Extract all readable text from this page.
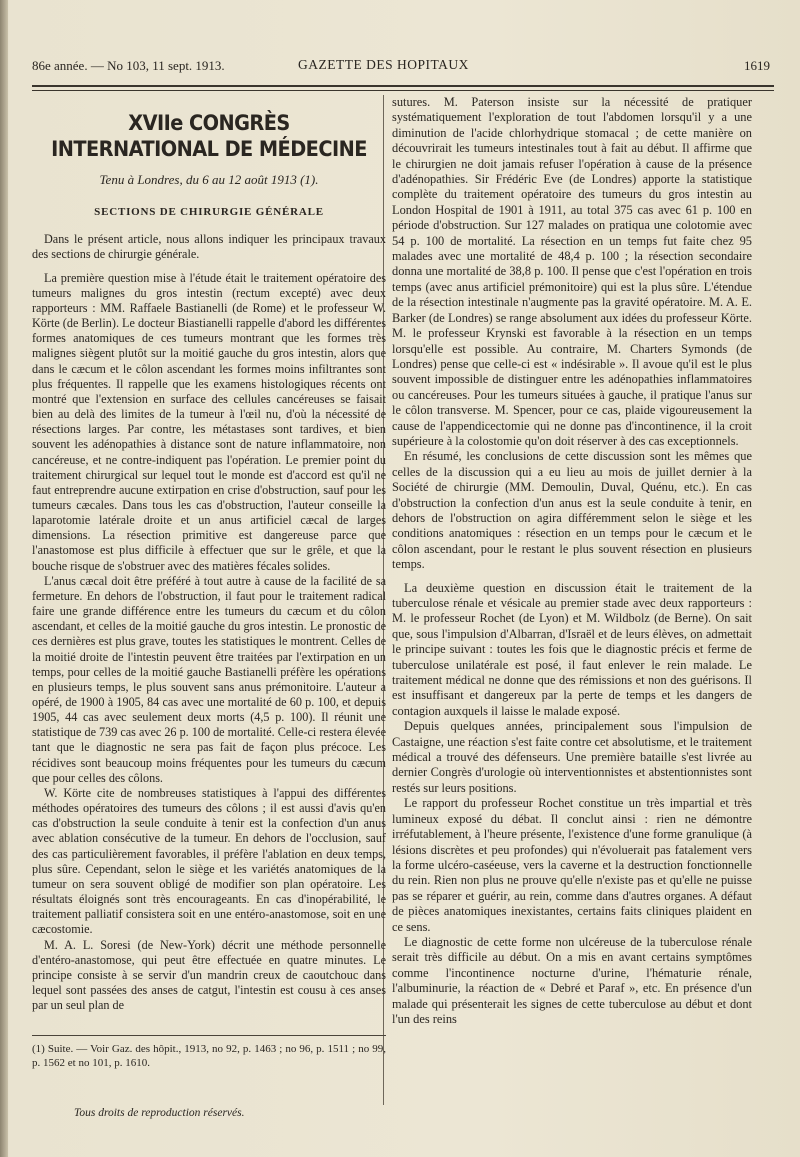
86e année. — No 103, 11 sept. 1913.	GAZETTE DES HOPITAUX	1619
XVIIe CONGRÈS INTERNATIONAL DE MÉDECINE
Tenu à Londres, du 6 au 12 août 1913 (1).
SECTIONS DE CHIRURGIE GÉNÉRALE

Dans le présent article, nous allons indiquer les principaux travaux des sections de chirurgie générale.

La première question mise à l'étude était le traitement opératoire des tumeurs malignes du gros intestin (rectum excepté) avec deux rapporteurs : MM. Raffaele Bastianelli (de Rome) et le professeur W. Körte (de Berlin). Le docteur Biastianelli rappelle d'abord les différentes formes anatomiques de ces tumeurs montrant que les formes très malignes siègent plutôt sur la moitié gauche du gros intestin, alors que dans le cæcum et le côlon ascendant les formes moins infiltrantes sont plus fréquentes. Il rappelle que les examens histologiques récents ont montré que l'extension en surface des cellules cancéreuses se faisait bien au delà des limites de la tumeur à l'œil nu, d'où la nécessité de résections larges. Par contre, les métastases sont tardives, et bien souvent les adénopathies à distance sont de nature inflammatoire, non cancéreuse, et ne contre-indiquent pas l'opération. Le premier point du traitement chirurgical sur lequel tout le monde est d'accord est qu'il ne faut entreprendre aucune extirpation en crise d'obstruction, sauf pour les tumeurs cæcales. Dans tous les cas d'obstruction, l'auteur conseille la laparotomie latérale droite et un anus artificiel cæcal de larges dimensions. La résection primitive est dangereuse parce que l'anastomose est plus difficile à effectuer que sur le grêle, et que la bouche risque de s'obstruer avec des matières fécales solides.

L'anus cæcal doit être préféré à tout autre à cause de la facilité de sa fermeture. En dehors de l'obstruction, il faut pour le traitement radical faire une grande différence entre les tumeurs du cæcum et du côlon ascendant, et celles de la moitié gauche du gros intestin. Le pronostic de ces dernières est plus grave, toutes les statistiques le montrent. Celles de la moitié droite de l'intestin peuvent être traitées par l'extirpation en un temps, pour celles de la moitié gauche Bastianelli préfère les opérations en plusieurs temps, le plus souvent sans anus prémonitoire. L'auteur a opéré, de 1900 à 1905, 84 cas avec une mortalité de 60 p. 100, et depuis 1905, 44 cas avec seulement deux morts (4,5 p. 100). Il réunit une statistique de 739 cas avec 26 p. 100 de mortalité. Celle-ci restera élevée tant que le diagnostic ne sera pas fait de façon plus précoce. Les récidives sont beaucoup moins fréquentes pour les tumeurs du cæcum que pour celles des côlons.

W. Körte cite de nombreuses statistiques à l'appui des différentes méthodes opératoires des tumeurs des côlons ; il est aussi d'avis qu'en cas d'obstruction la seule conduite à tenir est la confection d'un anus avec ablation consécutive de la tumeur. En dehors de l'occlusion, sauf des cas particulièrement favorables, il préfère l'ablation en deux temps, plus sûre. Cependant, selon le siège et les variétés anatomiques de la tumeur on sera souvent obligé de modifier son plan opératoire. Les résultats éloignés sont très encourageants. En cas d'inopérabilité, le traitement palliatif consistera soit en une entéro-anastomose, soit en une cæcostomie.

M. A. L. Soresi (de New-York) décrit une méthode personnelle d'entéro-anastomose, qui peut être effectuée en quatre minutes. Le principe consiste à se servir d'un mandrin creux de caoutchouc dans lequel sont passées des anses de catgut, l'intestin est cousu à ces anses par un seul plan de

sutures. M. Paterson insiste sur la nécessité de pratiquer systématiquement l'exploration de tout l'abdomen lorsqu'il y a une diminution de l'acide chlorhydrique stomacal ; de cette manière on découvrirait les tumeurs intestinales tout à fait au début. Il affirme que le chirurgien ne doit jamais refuser l'opération à cause de la présence d'adénopathies. Sir Frédéric Eve (de Londres) apporte la statistique complète du traitement opératoire des tumeurs du gros intestin au London Hospital de 1901 à 1911, au total 375 cas avec 61 p. 100 en période d'obstruction. Sur 127 malades on pratiqua une colotomie avec 54 p. 100 de mortalité. La résection en un temps fut faite chez 95 malades avec une mortalité de 48,4 p. 100 ; la résection secondaire donna une mortalité de 38,8 p. 100. Il pense que c'est l'opération en trois temps (avec anus artificiel prémonitoire) qui est la plus sûre. L'étendue de la résection intestinale n'augmente pas la gravité opératoire. M. A. E. Barker (de Londres) se range absolument aux idées du professeur Körte. M. le professeur Krynski est favorable à la résection en un temps lorsqu'elle est possible. Au contraire, M. Charters Symonds (de Londres) pense que celle-ci est « indésirable ». Il avoue qu'il est le plus souvent impossible de distinguer entre les adénopathies inflammatoires ou cancéreuses. Pour les tumeurs situées à gauche, il pratique l'anus sur le côlon transverse. M. Spencer, pour ce cas, plaide vigoureusement la cause de l'appendicectomie qui ne donne pas d'incontinence, il la croit supérieure à la colostomie qu'on doit réserver à des cas exceptionnels.

En résumé, les conclusions de cette discussion sont les mêmes que celles de la discussion qui a eu lieu au mois de juillet dernier à la Société de chirurgie (MM. Demoulin, Duval, Quénu, etc.). En cas d'obstruction la confection d'un anus est la seule conduite à tenir, en dehors de l'obstruction on agira différemment selon le siège et les conditions anatomiques : résection en un temps pour le cæcum et le côlon ascendant, pour le restant le plus souvent résection en plusieurs temps.

La deuxième question en discussion était le traitement de la tuberculose rénale et vésicale au premier stade avec deux rapporteurs : M. le professeur Rochet (de Lyon) et M. Wildbolz (de Berne). On sait que, sous l'impulsion d'Albarran, d'Israël et de leurs élèves, on admettait le principe suivant : toutes les fois que le diagnostic précis et ferme de tuberculose unilatérale est posé, il faut enlever le rein malade. Le traitement médical ne donne que des rémissions et non des guérisons. Il est insuffisant et dangereux par la perte de temps et les dangers de contagion auxquels il laisse le malade exposé.

Depuis quelques années, principalement sous l'impulsion de Castaigne, une réaction s'est faite contre cet absolutisme, et le traitement médical a trouvé des défenseurs. Une première bataille s'est livrée au dernier Congrès d'urologie où interventionnistes et abstentionnistes sont restés sur leurs positions.

Le rapport du professeur Rochet constitue un très impartial et très lumineux exposé du débat. Il conclut ainsi : rien ne démontre irréfutablement, à l'heure présente, l'existence d'une forme granulique (à lésions discrètes et peu profondes) qui n'évoluerait pas fatalement vers la forme ulcéro-caséeuse, vers la caverne et la destruction fonctionnelle du rein. Rien non plus ne prouve qu'elle n'existe pas et qu'elle ne puisse pas se réparer et guérir, au rein, comme dans d'autres organes. A défaut de pièces anatomiques inexistantes, certains faits cliniques plaident en ce sens.

Le diagnostic de cette forme non ulcéreuse de la tuberculose rénale serait très difficile au début. On a mis en avant certains symptômes comme l'incontinence nocturne d'urine, l'hématurie rénale, l'albuminurie, la réaction de « Debré et Paraf », etc. En présence d'un malade qui présenterait les signes de cette tuberculose au début et dont l'un des reins

(1) Suite. — Voir Gaz. des hôpit., 1913, no 92, p. 1463 ; no 96, p. 1511 ; no 99, p. 1562 et no 101, p. 1610.
Tous droits de reproduction réservés.
